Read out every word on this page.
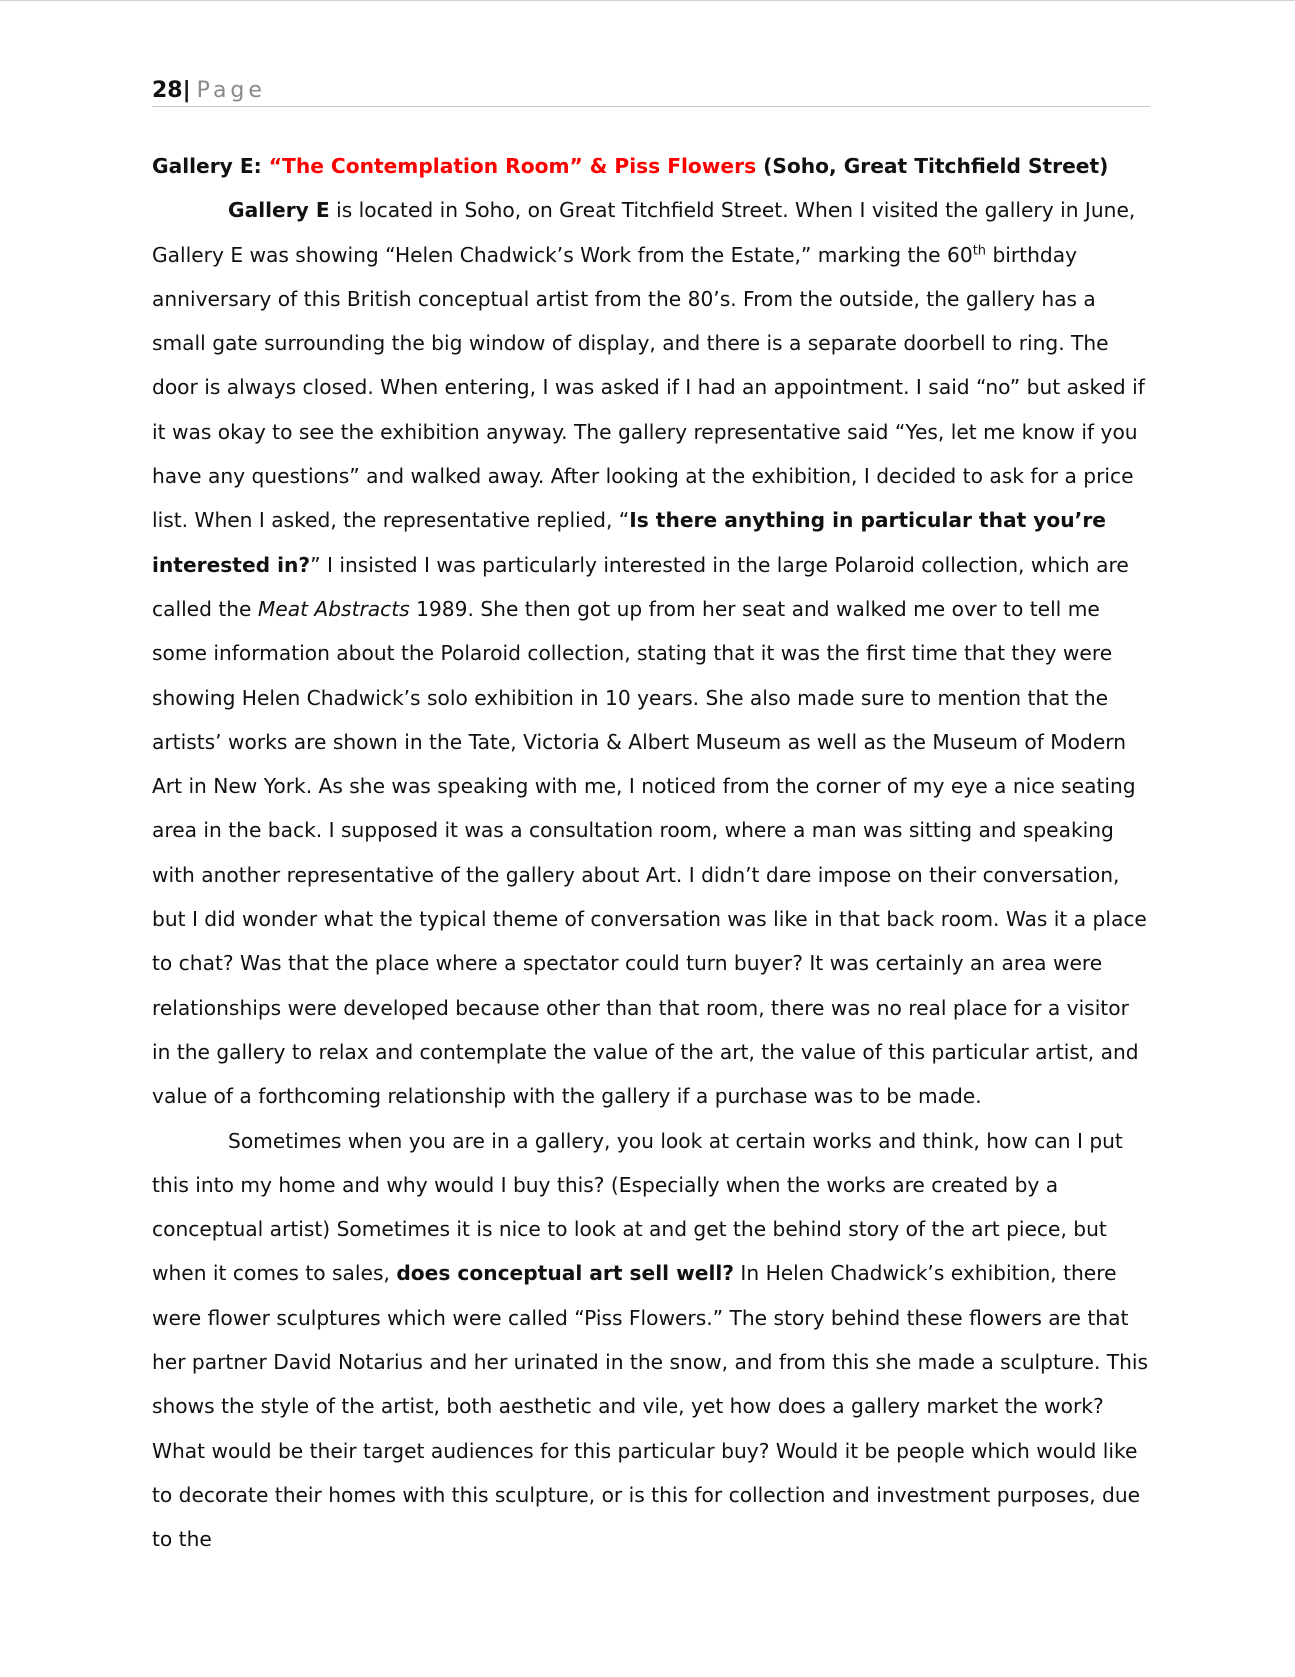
28| Page
Gallery E: “The Contemplation Room” & Piss Flowers (Soho, Great Titchfield Street)
Gallery E is located in Soho, on Great Titchfield Street. When I visited the gallery in June, Gallery E was showing “Helen Chadwick’s Work from the Estate,” marking the 60th birthday anniversary of this British conceptual artist from the 80’s. From the outside, the gallery has a small gate surrounding the big window of display, and there is a separate doorbell to ring. The door is always closed. When entering, I was asked if I had an appointment. I said “no” but asked if it was okay to see the exhibition anyway. The gallery representative said “Yes, let me know if you have any questions” and walked away. After looking at the exhibition, I decided to ask for a price list. When I asked, the representative replied, “Is there anything in particular that you’re interested in?” I insisted I was particularly interested in the large Polaroid collection, which are called the Meat Abstracts 1989. She then got up from her seat and walked me over to tell me some information about the Polaroid collection, stating that it was the first time that they were showing Helen Chadwick’s solo exhibition in 10 years. She also made sure to mention that the artists’ works are shown in the Tate, Victoria & Albert Museum as well as the Museum of Modern Art in New York. As she was speaking with me, I noticed from the corner of my eye a nice seating area in the back. I supposed it was a consultation room, where a man was sitting and speaking with another representative of the gallery about Art. I didn’t dare impose on their conversation, but I did wonder what the typical theme of conversation was like in that back room. Was it a place to chat? Was that the place where a spectator could turn buyer? It was certainly an area were relationships were developed because other than that room, there was no real place for a visitor in the gallery to relax and contemplate the value of the art, the value of this particular artist, and value of a forthcoming relationship with the gallery if a purchase was to be made.
Sometimes when you are in a gallery, you look at certain works and think, how can I put this into my home and why would I buy this? (Especially when the works are created by a conceptual artist) Sometimes it is nice to look at and get the behind story of the art piece, but when it comes to sales, does conceptual art sell well? In Helen Chadwick’s exhibition, there were flower sculptures which were called “Piss Flowers.” The story behind these flowers are that her partner David Notarius and her urinated in the snow, and from this she made a sculpture. This shows the style of the artist, both aesthetic and vile, yet how does a gallery market the work? What would be their target audiences for this particular buy? Would it be people which would like to decorate their homes with this sculpture, or is this for collection and investment purposes, due to the
